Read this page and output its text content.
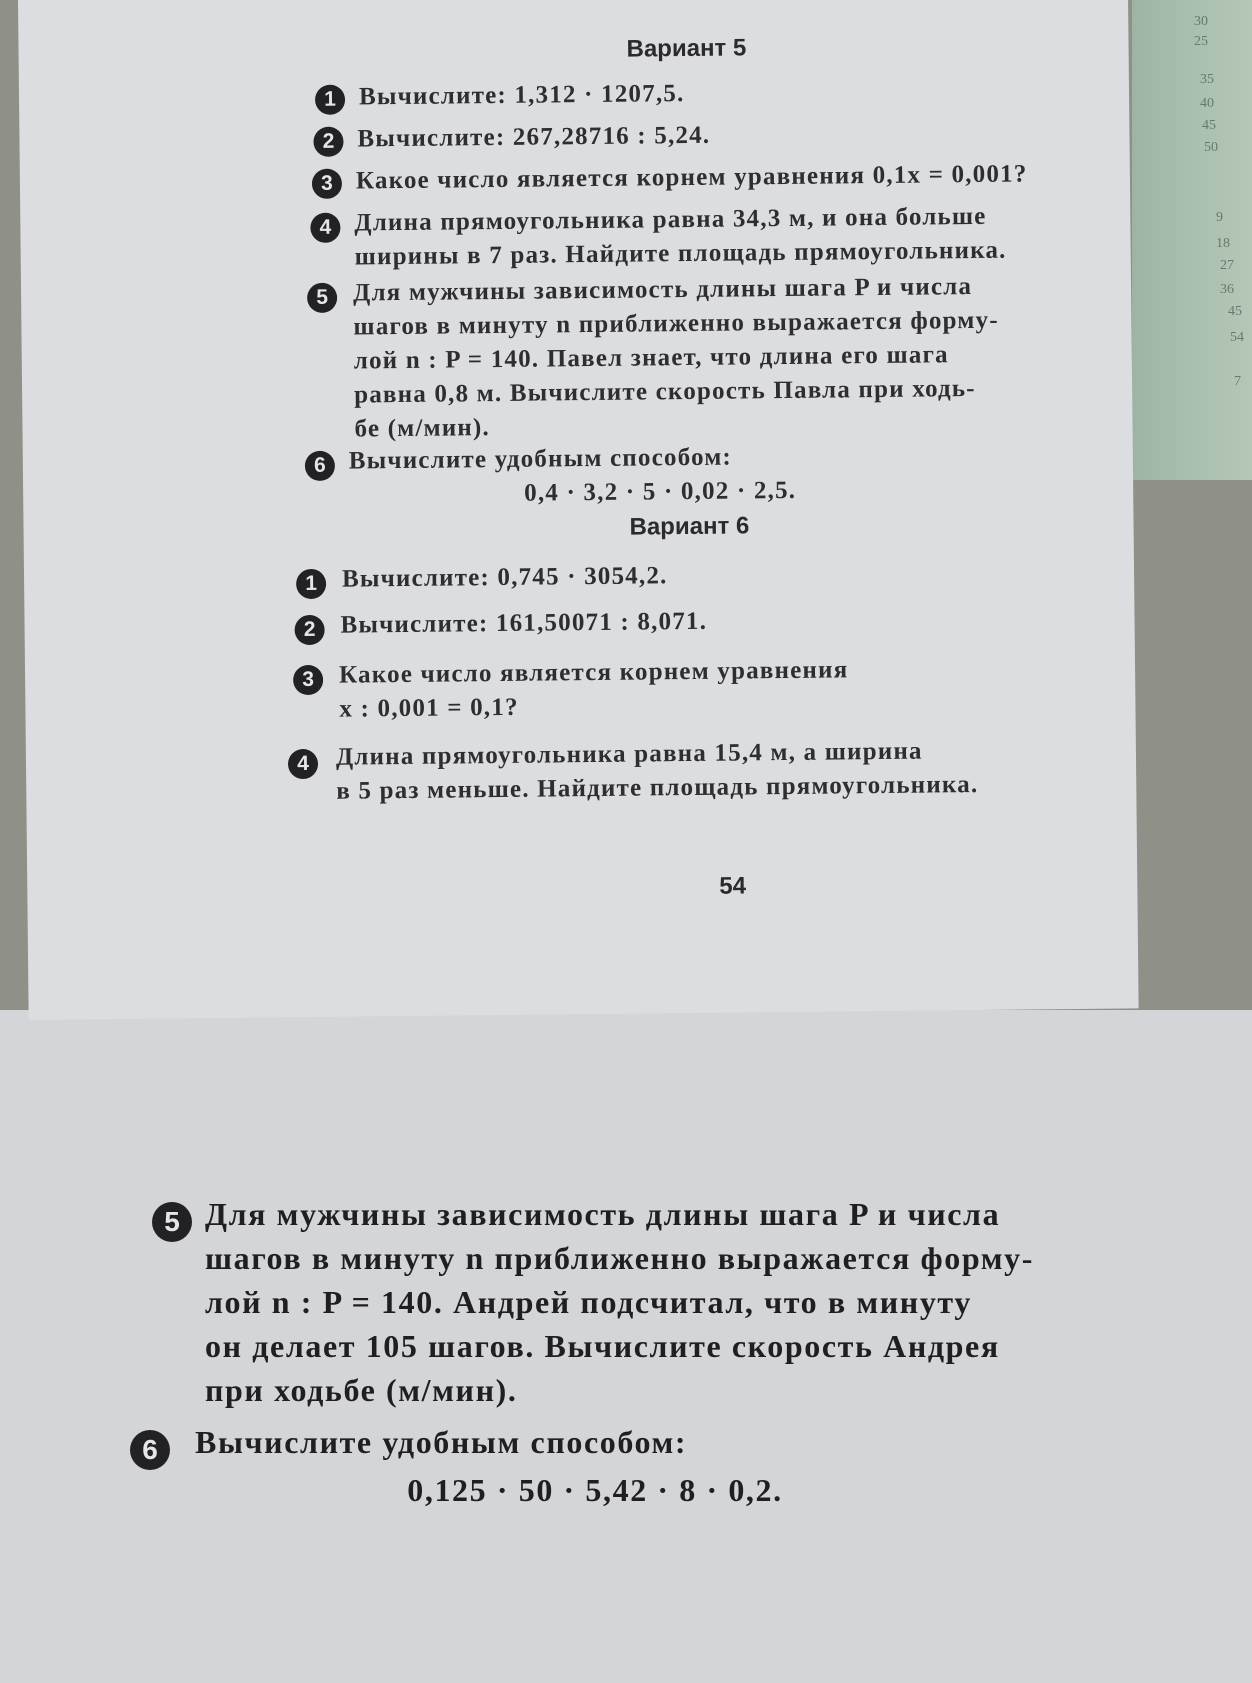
30
25
35
40
45
50
9
18
27
36
45
54
7
5 Для мужчины зависимость длины шага P и числа
шагов в минуту n приближенно выражается форму-
лой n : P = 140. Андрей подсчитал, что в минуту
он делает 105 шагов. Вычислите скорость Андрея
при ходьбе (м/мин).
6	Вычислите удобным способом:
0,125 · 50 · 5,42 · 8 · 0,2.
Вариант 5
1 Вычислите: 1,312 · 1207,5.
2 Вычислите: 267,28716 : 5,24.
3 Какое число является корнем уравнения 0,1x = 0,001?
4 Длина прямоугольника равна 34,3 м, и она больше
ширины в 7 раз. Найдите площадь прямоугольника.
5 Для мужчины зависимость длины шага P и числа
шагов в минуту n приближенно выражается форму-
лой n : P = 140. Павел знает, что длина его шага
равна 0,8 м. Вычислите скорость Павла при ходь-
бе (м/мин).
6 Вычислите удобным способом:
0,4 · 3,2 · 5 · 0,02 · 2,5.
Вариант 6
1 Вычислите: 0,745 · 3054,2.
2 Вычислите: 161,50071 : 8,071.
3 Какое число является корнем уравнения
x : 0,001 = 0,1?
4	Длина прямоугольника равна 15,4 м, а ширина
в 5 раз меньше. Найдите площадь прямоугольника.
54
